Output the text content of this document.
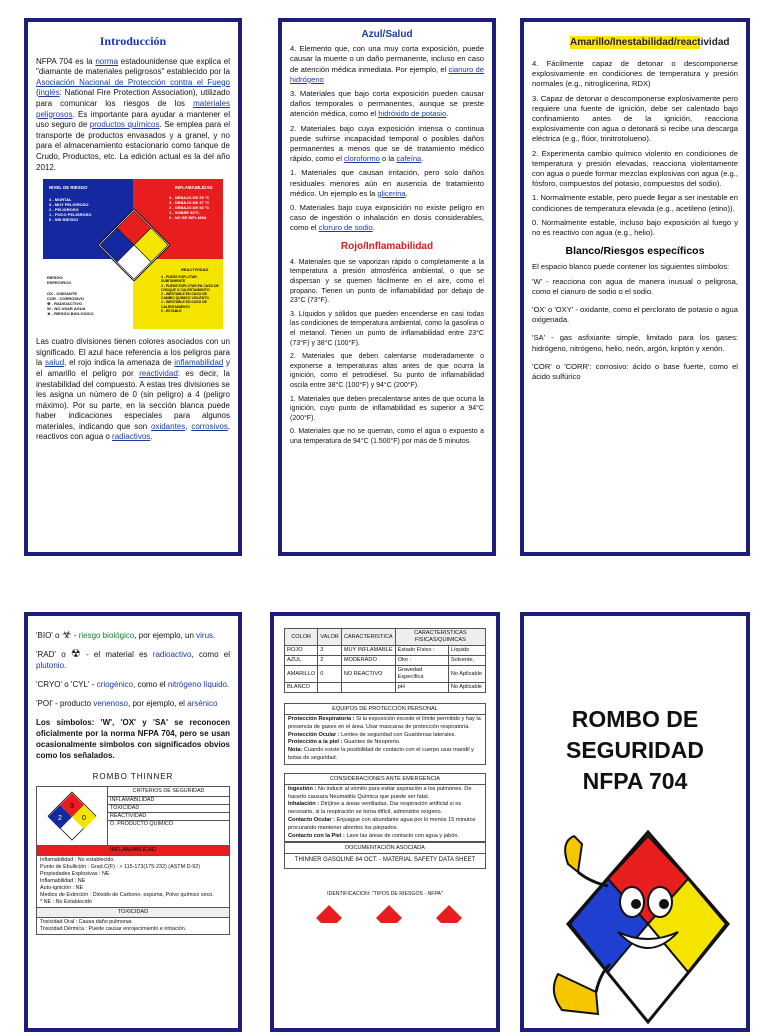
Introducción

NFPA 704 es la norma estadounidense que explica el "diamante de materiales peligrosos" establecido por la Asociación Nacional de Protección contra el Fuego (inglés: National Fire Protection Association), utilizado para comunicar los riesgos de los materiales peligrosos. Es importante para ayudar a mantener el uso seguro de productos químicos. Se emplea para el transporte de productos envasados y a granel, y no para el almacenamiento estacionario como tanque de Crudo, Productos, etc. La edición actual es la del año 2012.

NIVEL DE RIESGO
4 - MORTAL
3 - MUY PELIGROSO
2 - PELIGROSO
1 - POCO PELIGROSO
0 - SIN RIESGO
INFLAMABILIDAD
4 - DEBAJO DE 25 °C
3 - DEBAJO DE 37 °C
2 - DEBAJO DE 93 °C
1 - SOBRE 93°C
0 - NO SE INFLAMA
RIESGO ESPECIFICO
OX - OXIDANTE
COR - CORROSIVO
☢ - RADIOACTIVO
W - NO USAR AGUA
☣ - RIESGO BIOLOGICO
REACTIVIDAD
4 - PUEDE EXPLOTAR SUBITAMENTE
3 - PUEDE EXPLOTAR EN CASO DE CHOQUE O CALENTAMIENTO
2 - INESTABLE EN CASO DE CAMBIO QUIMICO VIOLENTO
1 - INESTABLE EN CASO DE CALENTAMIENTO
0 - ESTABLE

Las cuatro divisiones tienen colores asociados con un significado. El azul hace referencia a los peligros para la salud, el rojo indica la amenaza de inflamabilidad y el amarillo el peligro por reactividad: es decir, la inestabilidad del compuesto. A estas tres divisiones se les asigna un número de 0 (sin peligro) a 4 (peligro máximo). Por su parte, en la sección blanca puede haber indicaciones especiales para algunos materiales, indicando que son oxidantes, corrosivos, reactivos con agua o radiactivos.

Azul/Salud

4. Elemento que, con una muy corta exposición, puede causar la muerte o un daño permanente, incluso en caso de atención médica inmediata. Por ejemplo, el cianuro de hidrógeno

3. Materiales que bajo corta exposición pueden causar daños temporales o permanentes, aunque se preste atención médica, como el hidróxido de potasio.

2. Materiales bajo cuya exposición intensa o continua puede sufrirse incapacidad temporal o posibles daños permanentes a menos que se dé tratamiento médico rápido, como el cloroformo o la cafeína.

1. Materiales que causan irritación, pero solo daños residuales menores aún en ausencia de tratamiento médico. Un ejemplo es la glicerina.

0. Materiales bajo cuya exposición no existe peligro en caso de ingestión o inhalación en dosis considerables, como el cloruro de sodio.

Rojo/Inflamabilidad

4. Materiales que se vaporizan rápido o completamente a la temperatura a presión atmosférica ambiental, o que se dispersan y se quemen fácilmente en el aire, como el propano. Tienen un punto de inflamabilidad por debajo de 23°C (73°F).

3. Líquidos y sólidos que pueden encenderse en casi todas las condiciones de temperatura ambiental, como la gasolina o el metanol. Tienen un punto de inflamabilidad entre 23°C (73°F) y 38°C (100°F).

2. Materiales que deben calentarse moderadamente o exponerse a temperaturas altas antes de que ocurra la ignición, como el petrodiésel. Su punto de inflamabilidad oscila entre 38°C (100°F) y 94°C (200°F).

1. Materiales que deben precalentarse antes de que ocurra la ignición, cuyo punto de inflamabilidad es superior a 94°C (200°F).

0. Materiales que no se queman, como el agua o expuesto a una temperatura de 94°C (1.500°F) por más de 5 minutos.

Amarillo/Inestabilidad/reactividad

4. Fácilmente capaz de detonar o descomponerse explosivamente en condiciones de temperatura y presión normales (e.g., nitroglicerina, RDX)

3. Capaz de detonar o descomponerse explosivamente pero requiere una fuente de ignición, debe ser calentado bajo confinamiento antes de la ignición, reacciona explosivamente con agua o detonará si recibe una descarga eléctrica (e.g., flúor, trinitrotolueno).

2. Experimenta cambio químico violento en condiciones de temperatura y presión elevadas, reacciona violentamente con agua o puede formar mezclas explosivas con agua (e.g., fósforo, compuestos del potasio, compuestos del sodio).

1. Normalmente estable, pero puede llegar a ser inestable en condiciones de temperatura elevada (e.g., acetileno (etino)).

0. Normalmente estable, incluso bajo exposición al fuego y no es reactivo con agua (e.g., helio).

Blanco/Riesgos específicos

El espacio blanco puede contener los siguientes símbolos:

'W' - reacciona con agua de manera inusual o peligrosa, como el cianuro de sodio o el sodio.

'OX' o 'OXY' - oxidante, como el perclorato de potasio o agua oxigenada.

'SA' - gas asfixiante simple, limitado para los gases: hidrógeno, nitrógeno, helio, neón, argón, kriptón y xenón.

'COR' o 'CORR': corrosivo: ácido o base fuerte, como el ácido sulfúrico

'BIO' o ☣ - riesgo biológico, por ejemplo, un virus.

'RAD' o ☢ - el material es radioactivo, como el plutonio.

'CRYO' o 'CYL' - criogénico, como el nitrógeno líquido.

'POI' - producto venenoso, por ejemplo, el arsénico

Los símbolos: 'W', 'OX' y 'SA' se reconocen oficialmente por la norma NFPA 704, pero se usan ocasionalmente símbolos con significados obvios como los señalados.

ROMBO THINNER
3
2	0
CRITERIOS DE SEGURIDAD
INFLAMABILIDAD
TOXICIDAD
REACTIVIDAD
O. PRODUCTO QUIMICO
INFLAMABILIDAD
Inflamabilidad : No establecido.
Punto de Ebullición : Grad.C(F) : > 115-173(175-232) (ASTM D-92)
Propiedades Explosivas : NE
Inflamabilidad : NE
Auto-ignición : NE
Medios de Extinción : Dióxido de Carbono, espuma, Polvo químico seco.
* NE : No Establecido
TOXICIDAD
Toxicidad Oral : Causa daño pulmonar.
Toxicidad Dérmica : Puede causar enrojecimiento e irritación.
COLOR	VALOR	CARACTERISTICA	CARACTERISTICAS FISICAS/QUIMICAS	
ROJO	3	MUY INFLAMABLE	Estado Físico :	Líquido
AZUL	2	MODERADO	Olor :	Solvente,
AMARILLO	0	NO REACTIVO	Gravedad Específica	No Aplicable
BLANCO			pH	No Aplicable
EQUIPOS DE PROTECCIÓN PERSONAL
Protección Respiratoria : Si la exposición excede el límite permitido y hay la presencia de gases en el área. Usar mascaras de protección respiratoria.
Protección Ocular : Lentes de seguridad con Guardenas laterales.
Protección a la piel : Guantes de Neopreno.
Nota: Cuando existe la posibilidad de contacto con el cuerpo usar mandil y botas de seguridad.
CONSIDERACIONES ANTE EMERGENCIA
Ingestión : No inducir al vómito para evitar aspiración a los pulmones. De hacerlo causara Neumatitis Química que puede ser fatal.
Inhalación : Diríjirse a áreas ventiladas. Dar respiración artificial si es necesario, si la respiración se torna difícil, administre oxígeno.
Contacto Ocular : Enjuague con abundante agua por lo menos 15 minutos procurando mantener abiertos los párpados.
Contacto con la Piel : Lave las áreas de contacto con agua y jabón.
DOCUMENTACIÓN ASOCIADA
THINNER GASOLINE 84 OCT. - MATERIAL SAFETY DATA SHEET
IDENTIFICACION: "TIPOS DE RIESGOS - NFPA"
ROMBO DE
SEGURIDAD
NFPA 704
